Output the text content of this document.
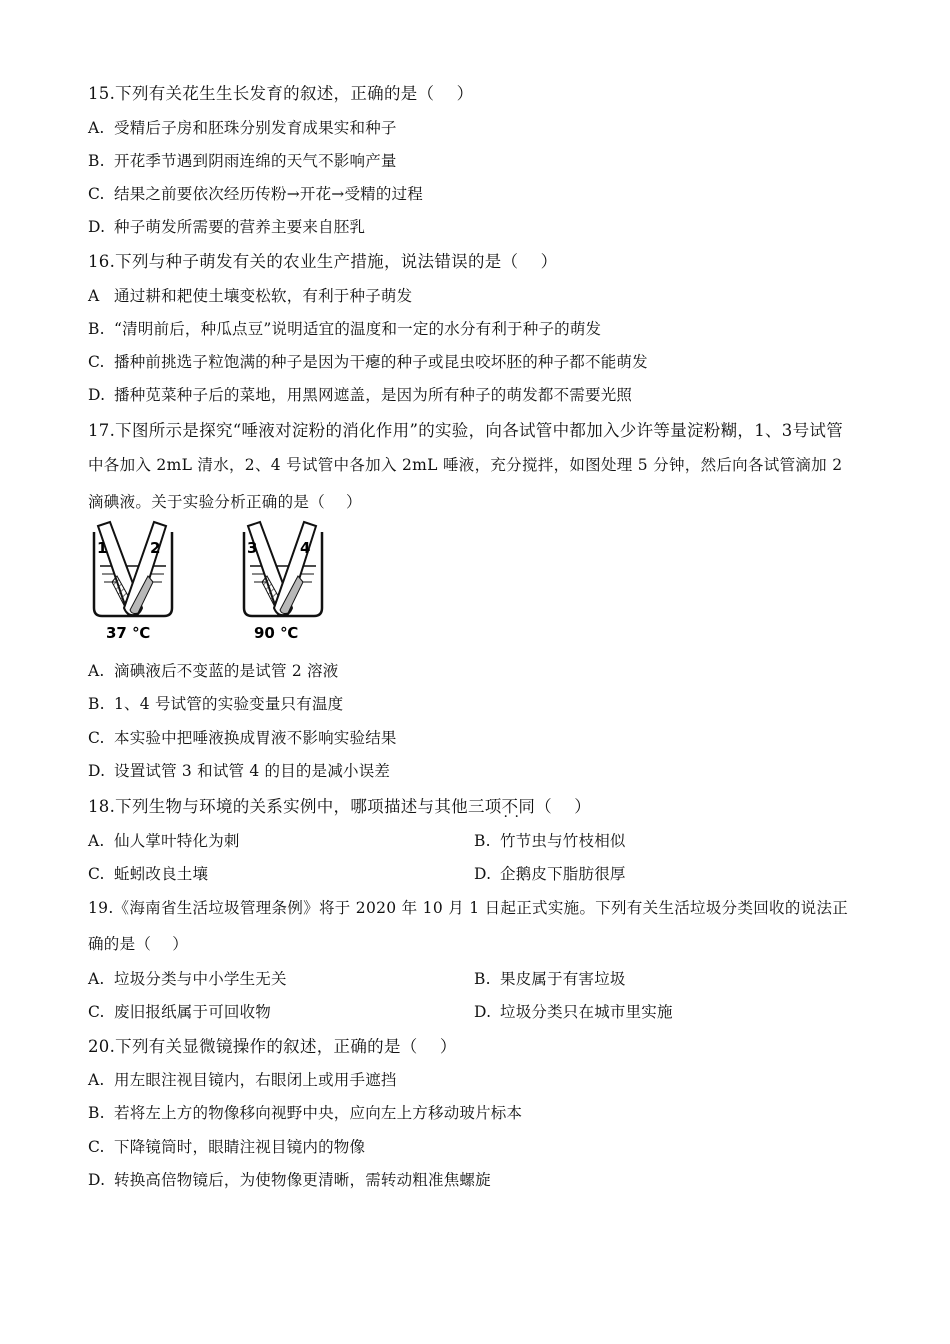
15.下列有关花生生长发育的叙述，正确的是（　 ）
A. 受精后子房和胚珠分别发育成果实和种子
B. 开花季节遇到阴雨连绵的天气不影响产量
C. 结果之前要依次经历传粉→开花→受精的过程
D. 种子萌发所需要的营养主要来自胚乳
16.下列与种子萌发有关的农业生产措施，说法错误的是（　 ）
A 通过耕和耙使土壤变松软，有利于种子萌发
B. “清明前后，种瓜点豆”说明适宜的温度和一定的水分有利于种子的萌发
C. 播种前挑选子粒饱满的种子是因为干瘪的种子或昆虫咬坏胚的种子都不能萌发
D. 播种苋菜种子后的菜地，用黑网遮盖，是因为所有种子的萌发都不需要光照
17.下图所示是探究“唾液对淀粉的消化作用”的实验，向各试管中都加入少许等量淀粉糊，1、3号试管
中各加入 2mL 清水，2、4 号试管中各加入 2mL 唾液，充分搅拌，如图处理 5 分钟，然后向各试管滴加 2
滴碘液。关于实验分析正确的是（　 ）
1	2	3	4
37 ℃	90 ℃
A. 滴碘液后不变蓝的是试管 2 溶液
B. 1、4 号试管的实验变量只有温度
C. 本实验中把唾液换成胃液不影响实验结果
D. 设置试管 3 和试管 4 的目的是减小误差
18.下列生物与环境的关系实例中，哪项描述与其他三项不同 · ·（　 ）
A. 仙人掌叶特化为刺	B. 竹节虫与竹枝相似
C. 蚯蚓改良土壤	D. 企鹅皮下脂肪很厚
19.《海南省生活垃圾管理条例》将于 2020 年 10 月 1 日起正式实施。下列有关生活垃圾分类回收的说法正
确的是（　 ）
A. 垃圾分类与中小学生无关	B. 果皮属于有害垃圾
C. 废旧报纸属于可回收物	D. 垃圾分类只在城市里实施
20.下列有关显微镜操作的叙述，正确的是（　 ）
A. 用左眼注视目镜内，右眼闭上或用手遮挡
B. 若将左上方的物像移向视野中央，应向左上方移动玻片标本
C. 下降镜筒时，眼睛注视目镜内的物像
D. 转换高倍物镜后，为使物像更清晰，需转动粗准焦螺旋
